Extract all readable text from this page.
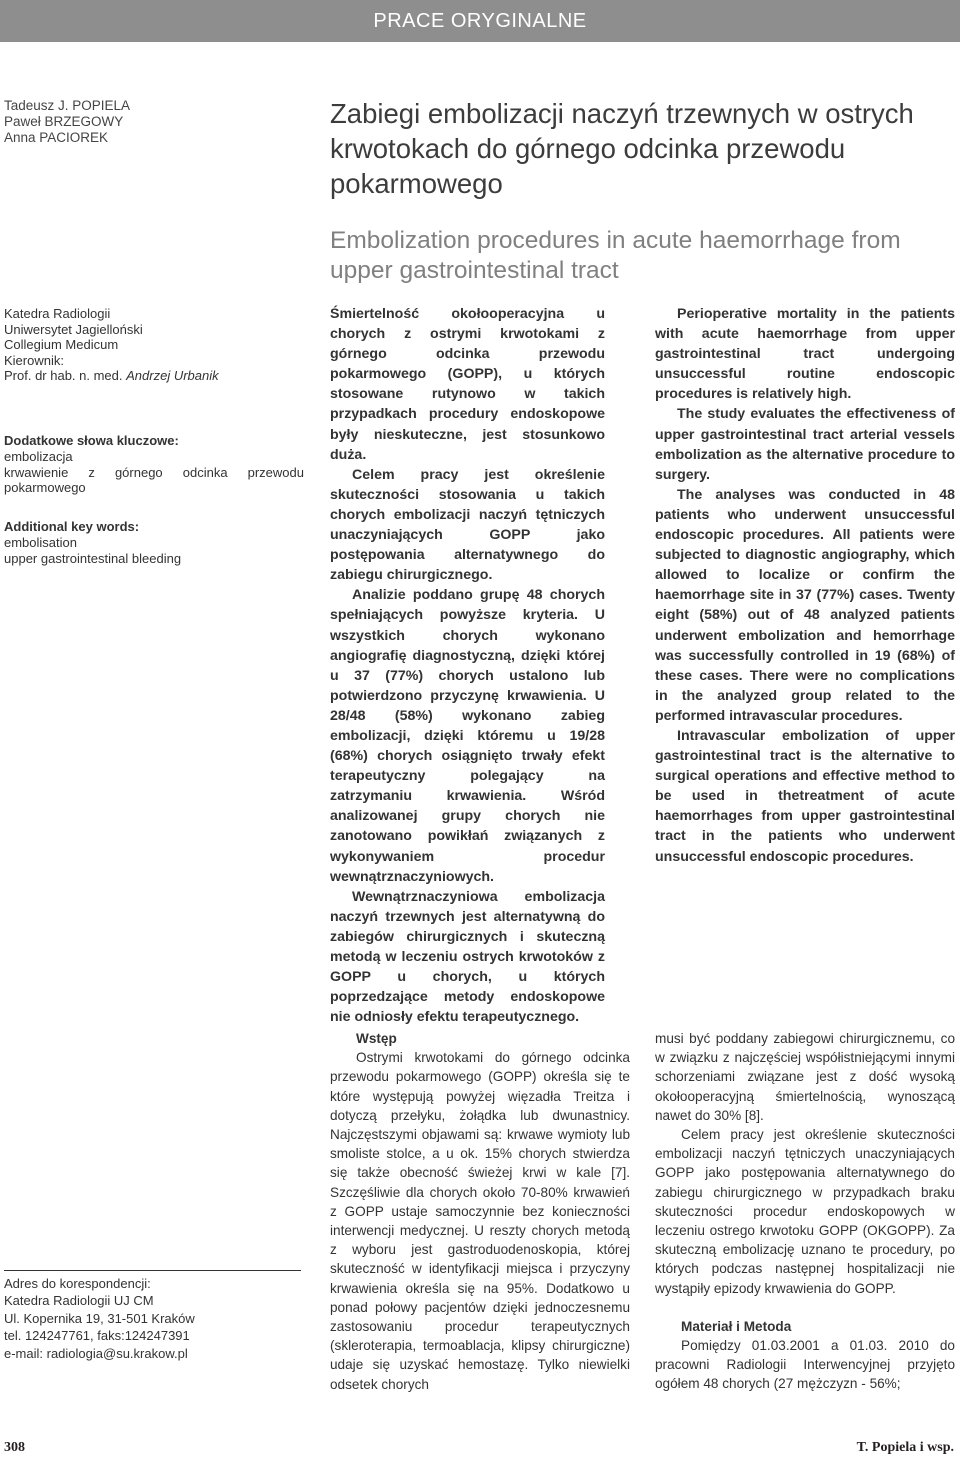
PRACE ORYGINALNE
Tadeusz J. POPIELA
Paweł BRZEGOWY
Anna PACIOREK
Zabiegi embolizacji naczyń trzewnych w ostrych krwotokach do górnego odcinka przewodu pokarmowego
Embolization procedures in acute haemorrhage from upper gastrointestinal tract
Katedra Radiologii
Uniwersytet Jagielloński
Collegium Medicum
Kierownik:
Prof. dr hab. n. med. Andrzej Urbanik
Dodatkowe słowa kluczowe:
embolizacja
krwawienie z górnego odcinka przewodu pokarmowego
Additional key words:
embolisation
upper gastrointestinal bleeding

Śmiertelność okołooperacyjna u chorych z ostrymi krwotokami z górnego odcinka przewodu pokarmowego (GOPP), u których stosowane rutynowo w takich przypadkach procedury endoskopowe były nieskuteczne, jest stosunkowo duża.

Celem pracy jest określenie skuteczności stosowania u takich chorych embolizacji naczyń tętniczych unaczyniających GOPP jako postępowania alternatywnego do zabiegu chirurgicznego.

Analizie poddano grupę 48 chorych spełniających powyższe kryteria. U wszystkich chorych wykonano angiografię diagnostyczną, dzięki której u 37 (77%) chorych ustalono lub potwierdzono przyczynę krwawienia. U 28/48 (58%) wykonano zabieg embolizacji, dzięki któremu u 19/28 (68%) chorych osiągnięto trwały efekt terapeutyczny polegający na zatrzymaniu krwawienia. Wśród analizowanej grupy chorych nie zanotowano powikłań związanych z wykonywaniem procedur wewnątrznaczyniowych.

Wewnątrznaczyniowa embolizacja naczyń trzewnych jest alternatywną do zabiegów chirurgicznych i skuteczną metodą w leczeniu ostrych krwotoków z GOPP u chorych, u których poprzedzające metody endoskopowe nie odniosły efektu terapeutycznego.

Perioperative mortality in the patients with acute haemorrhage from upper gastrointestinal tract undergoing unsuccessful routine endoscopic procedures is relatively high.

The study evaluates the effectiveness of upper gastrointestinal tract arterial vessels embolization as the alternative procedure to surgery.

The analyses was conducted in 48 patients who underwent unsuccessful endoscopic procedures. All patients were subjected to diagnostic angiography, which allowed to localize or confirm the haemorrhage site in 37 (77%) cases. Twenty eight (58%) out of 48 analyzed patients underwent embolization and hemorrhage was successfully controlled in 19 (68%) of these cases. There were no complications in the analyzed group related to the performed intravascular procedures.

Intravascular embolization of upper gastrointestinal tract is the alternative to surgical operations and effective method to be used in thetreatment of acute haemorrhages from upper gastrointestinal tract in the patients who underwent unsuccessful endoscopic procedures.

Wstęp

Ostrymi krwotokami do górnego odcinka przewodu pokarmowego (GOPP) określa się te które występują powyżej więzadła Treitza i dotyczą przełyku, żołądka lub dwunastnicy. Najczęstszymi objawami są: krwawe wymioty lub smoliste stolce, a u ok. 15% chorych stwierdza się także obecność świeżej krwi w kale [7]. Szczęśliwie dla chorych około 70-80% krwawień z GOPP ustaje samoczynnie bez konieczności interwencji medycznej. U reszty chorych metodą z wyboru jest gastroduodenoskopia, której skuteczność w identyfikacji miejsca i przyczyny krwawienia określa się na 95%. Dodatkowo u ponad połowy pacjentów dzięki jednoczesnemu zastosowaniu procedur terapeutycznych (skleroterapia, termoablacja, klipsy chirurgiczne) udaje się uzyskać hemostazę. Tylko niewielki odsetek chorych

musi być poddany zabiegowi chirurgicznemu, co w związku z najczęściej współistniejącymi innymi schorzeniami związane jest z dość wysoką okołooperacyjną śmiertelnością, wynoszącą nawet do 30% [8].

Celem pracy jest określenie skuteczności embolizacji naczyń tętniczych unaczyniających GOPP jako postępowania alternatywnego do zabiegu chirurgicznego w przypadkach braku skuteczności procedur endoskopowych w leczeniu ostrego krwotoku GOPP (OKGOPP). Za skuteczną embolizację uznano te procedury, po których podczas następnej hospitalizacji nie wystąpiły epizody krwawienia do GOPP.

Materiał i Metoda

Pomiędzy 01.03.2001 a 01.03. 2010 do pracowni Radiologii Interwencyjnej przyjęto ogółem 48 chorych (27 mężczyzn - 56%;

Adres do korespondencji:
Katedra Radiologii UJ CM
Ul. Kopernika 19, 31-501 Kraków
tel. 124247761, faks:124247391
e-mail: radiologia@su.krakow.pl
308	T. Popiela i wsp.
